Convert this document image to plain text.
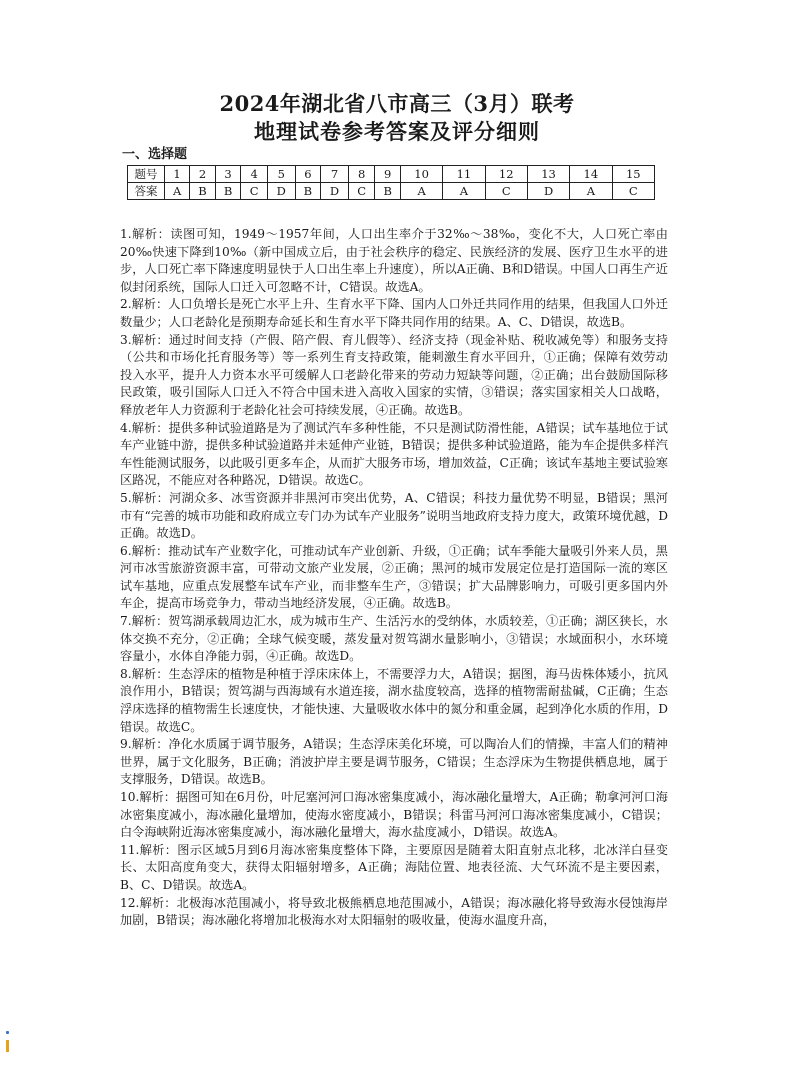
2024年湖北省八市高三（3月）联考
地理试卷参考答案及评分细则
一、选择题
题号	1	2	3	4	5	6	7	8	9	10	11	12	13	14	15
答案	A	B	B	C	D	B	D	C	B	A	A	C	D	A	C

1.解析：读图可知，1949～1957年间，人口出生率介于32‰～38‰，变化不大，人口死亡率由20‰快速下降到10‰（新中国成立后，由于社会秩序的稳定、民族经济的发展、医疗卫生水平的进步，人口死亡率下降速度明显快于人口出生率上升速度），所以A正确、B和D错误。中国人口再生产近似封闭系统，国际人口迁入可忽略不计，C错误。故选A。

2.解析：人口负增长是死亡水平上升、生育水平下降、国内人口外迁共同作用的结果，但我国人口外迁数量少；人口老龄化是预期寿命延长和生育水平下降共同作用的结果。A、C、D错误，故选B。

3.解析：通过时间支持（产假、陪产假、育儿假等）、经济支持（现金补贴、税收减免等）和服务支持（公共和市场化托育服务等）等一系列生育支持政策，能刺激生育水平回升，①正确；保障有效劳动投入水平，提升人力资本水平可缓解人口老龄化带来的劳动力短缺等问题，②正确；出台鼓励国际移民政策，吸引国际人口迁入不符合中国未进入高收入国家的实情，③错误；落实国家相关人口战略，释放老年人力资源利于老龄化社会可持续发展，④正确。故选B。

4.解析：提供多种试验道路是为了测试汽车多种性能，不只是测试防滑性能，A错误；试车基地位于试车产业链中游，提供多种试验道路并未延伸产业链，B错误；提供多种试验道路，能为车企提供多样汽车性能测试服务，以此吸引更多车企，从而扩大服务市场，增加效益，C正确；该试车基地主要试验寒区路况，不能应对各种路况，D错误。故选C。

5.解析：河湖众多、冰雪资源并非黑河市突出优势，A、C错误；科技力量优势不明显，B错误；黑河市有“完善的城市功能和政府成立专门办为试车产业服务”说明当地政府支持力度大，政策环境优越，D正确。故选D。

6.解析：推动试车产业数字化，可推动试车产业创新、升级，①正确；试车季能大量吸引外来人员，黑河市冰雪旅游资源丰富，可带动文旅产业发展，②正确；黑河的城市发展定位是打造国际一流的寒区试车基地，应重点发展整车试车产业，而非整车生产，③错误；扩大品牌影响力，可吸引更多国内外车企，提高市场竞争力，带动当地经济发展，④正确。故选B。

7.解析：贺笃湖承载周边汇水，成为城市生产、生活污水的受纳体，水质较差，①正确；湖区狭长，水体交换不充分，②正确；全球气候变暖，蒸发量对贺笃湖水量影响小，③错误；水域面积小，水环境容量小，水体自净能力弱，④正确。故选D。

8.解析：生态浮床的植物是种植于浮床床体上，不需要浮力大，A错误；据图，海马齿株体矮小，抗风浪作用小，B错误；贺笃湖与西海域有水道连接，湖水盐度较高，选择的植物需耐盐碱，C正确；生态浮床选择的植物需生长速度快，才能快速、大量吸收水体中的氮分和重金属，起到净化水质的作用，D错误。故选C。

9.解析：净化水质属于调节服务，A错误；生态浮床美化环境，可以陶冶人们的情操，丰富人们的精神世界，属于文化服务，B正确；消波护岸主要是调节服务，C错误；生态浮床为生物提供栖息地，属于支撑服务，D错误。故选B。

10.解析：据图可知在6月份，叶尼塞河河口海冰密集度减小，海冰融化量增大，A正确；勒拿河河口海冰密集度减小，海冰融化量增加，使海水密度减小，B错误；科雷马河河口海冰密集度减小，C错误；白令海峡附近海冰密集度减小，海冰融化量增大，海水盐度减小，D错误。故选A。

11.解析：图示区域5月到6月海冰密集度整体下降，主要原因是随着太阳直射点北移，北冰洋白昼变长、太阳高度角变大，获得太阳辐射增多，A正确；海陆位置、地表径流、大气环流不是主要因素，B、C、D错误。故选A。

12.解析：北极海冰范围减小，将导致北极熊栖息地范围减小，A错误；海冰融化将导致海水侵蚀海岸加剧，B错误；海冰融化将增加北极海水对太阳辐射的吸收量，使海水温度升高，
